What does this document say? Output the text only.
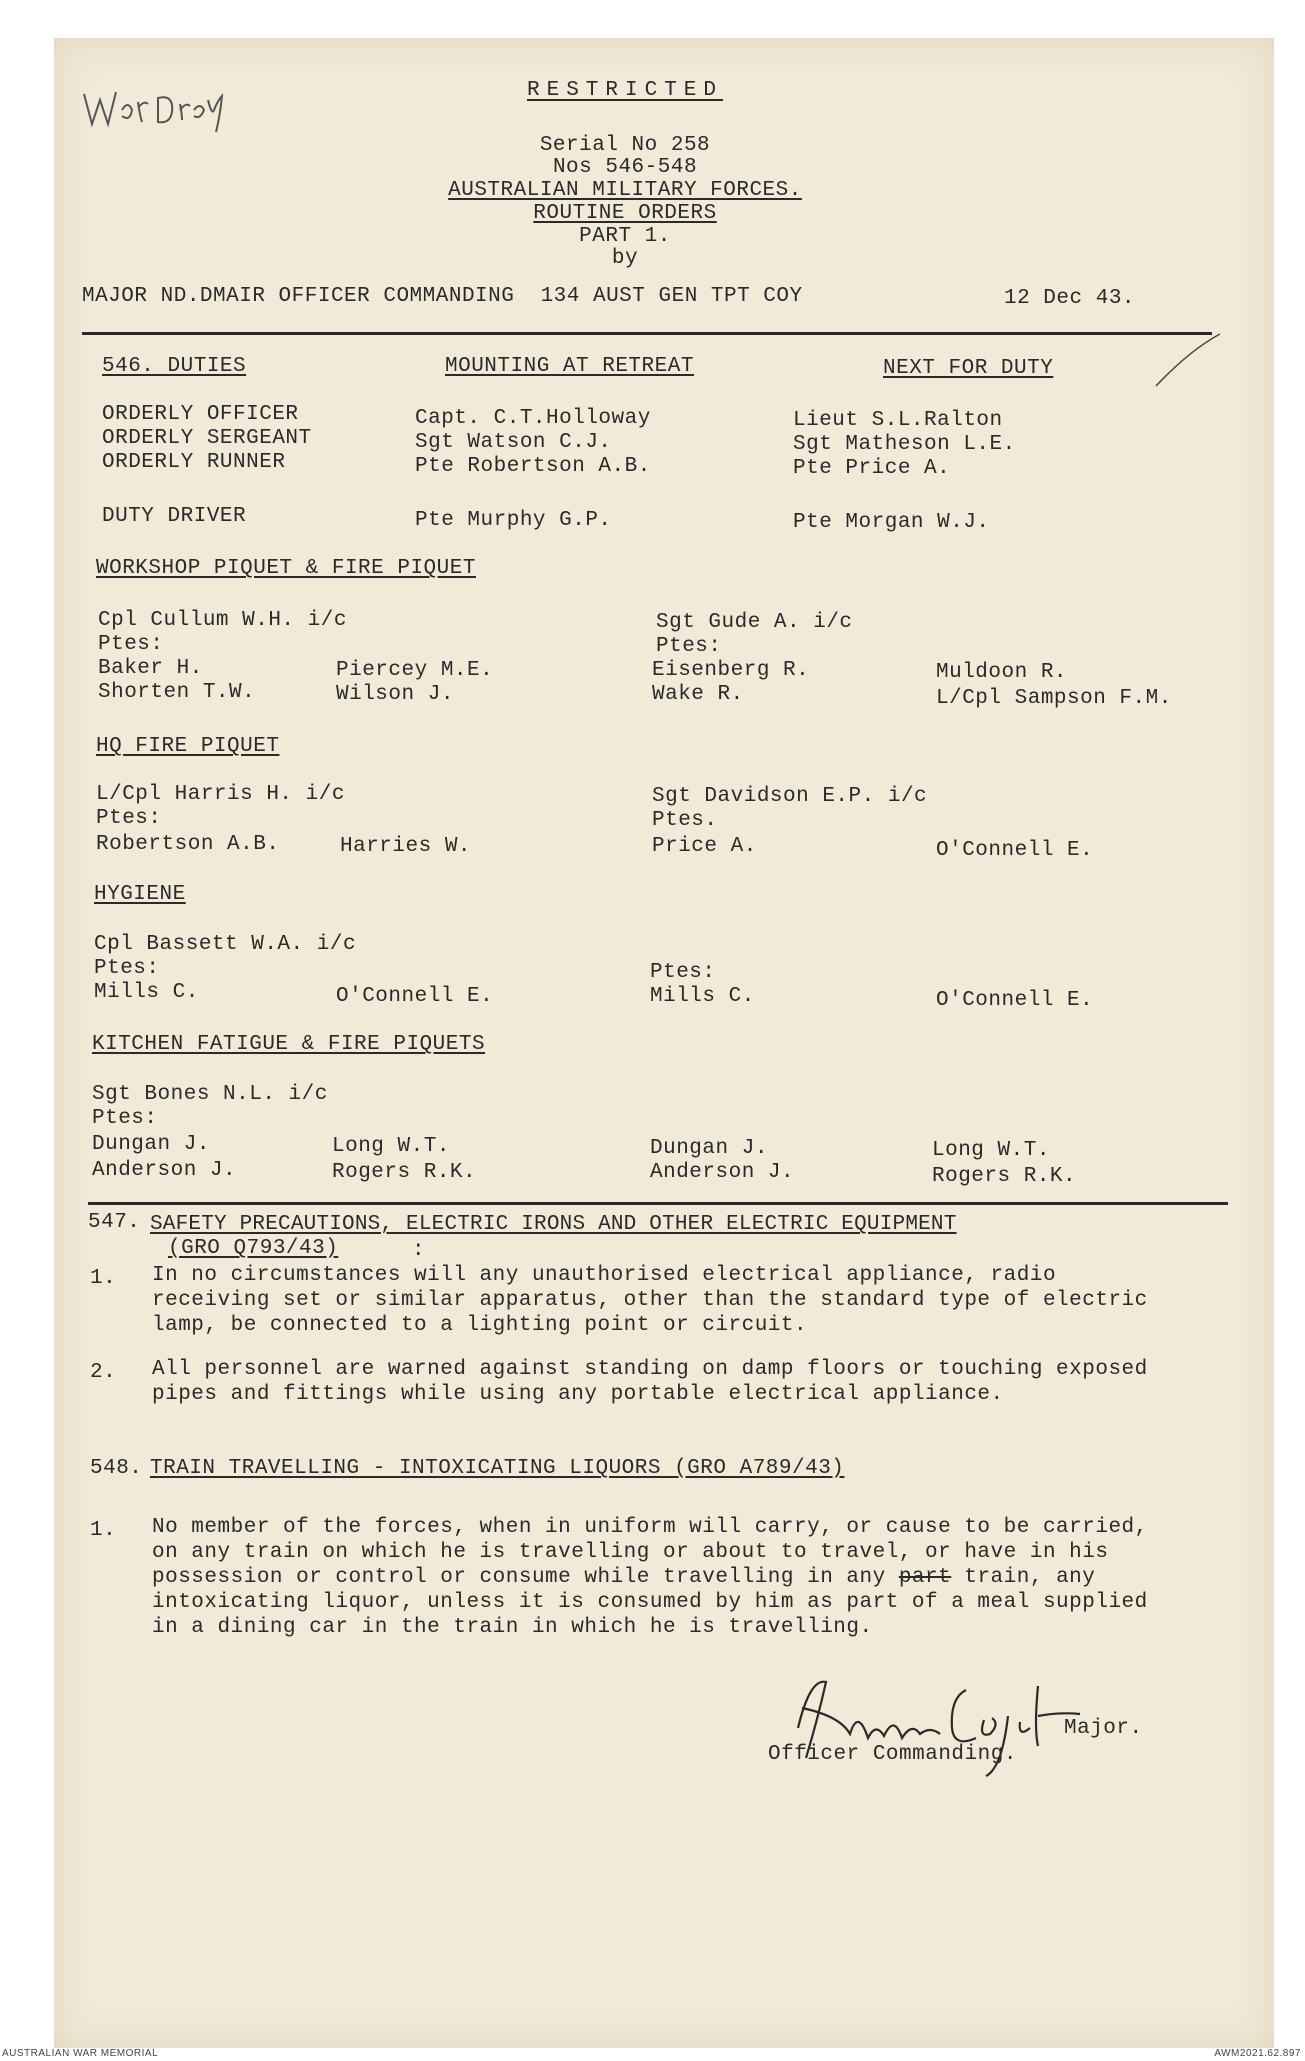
RESTRICTED
Serial No 258
Nos 546-548
AUSTRALIAN MILITARY FORCES.
ROUTINE ORDERS
PART 1.
by
MAJOR ND.DMAIR OFFICER COMMANDING  134 AUST GEN TPT COY	12 Dec 43.
546. DUTIES	MOUNTING AT RETREAT	NEXT FOR DUTY
ORDERLY OFFICER	Capt. C.T.Holloway	Lieut S.L.Ralton
ORDERLY SERGEANT	Sgt Watson C.J.	Sgt Matheson L.E.
ORDERLY RUNNER	Pte Robertson A.B.	Pte Price A.
DUTY DRIVER	Pte Murphy G.P.	Pte Morgan W.J.
WORKSHOP PIQUET & FIRE PIQUET
Cpl Cullum W.H. i/c
Ptes:
Baker H.	Piercey M.E.
Shorten T.W.	Wilson J.
Sgt Gude A. i/c
Ptes:
Eisenberg R.	Muldoon R.
Wake R.	L/Cpl Sampson F.M.
HQ FIRE PIQUET
L/Cpl Harris H. i/c
Ptes:
Robertson A.B.	Harries W.
Sgt Davidson E.P. i/c
Ptes.
Price A.	O'Connell E.
HYGIENE
Cpl Bassett W.A. i/c
Ptes:
Mills C.	O'Connell E.
Ptes:
Mills C.	O'Connell E.
KITCHEN FATIGUE & FIRE PIQUETS
Sgt Bones N.L. i/c
Ptes:
Dungan J.	Long W.T.
Anderson J.	Rogers R.K.
Dungan J.	Long W.T.
Anderson J.	Rogers R.K.
547. SAFETY PRECAUTIONS, ELECTRIC IRONS AND OTHER ELECTRIC EQUIPMENT
(GRO Q793/43)	:
1. In no circumstances will any unauthorised electrical appliance, radio receiving set or similar apparatus, other than the standard type of electric lamp, be connected to a lighting point or circuit.
2. All personnel are warned against standing on damp floors or touching exposed pipes and fittings while using any portable electrical appliance.
548. TRAIN TRAVELLING - INTOXICATING LIQUORS (GRO A789/43)
1. No member of the forces, when in uniform will carry, or cause to be carried, on any train on which he is travelling or about to travel, or have in his possession or control or consume while travelling in any part train, any intoxicating liquor, unless it is consumed by him as part of a meal supplied in a dining car in the train in which he is travelling.
Major.
Officer Commanding.
AUSTRALIAN WAR MEMORIAL	AWM2021.62.897
